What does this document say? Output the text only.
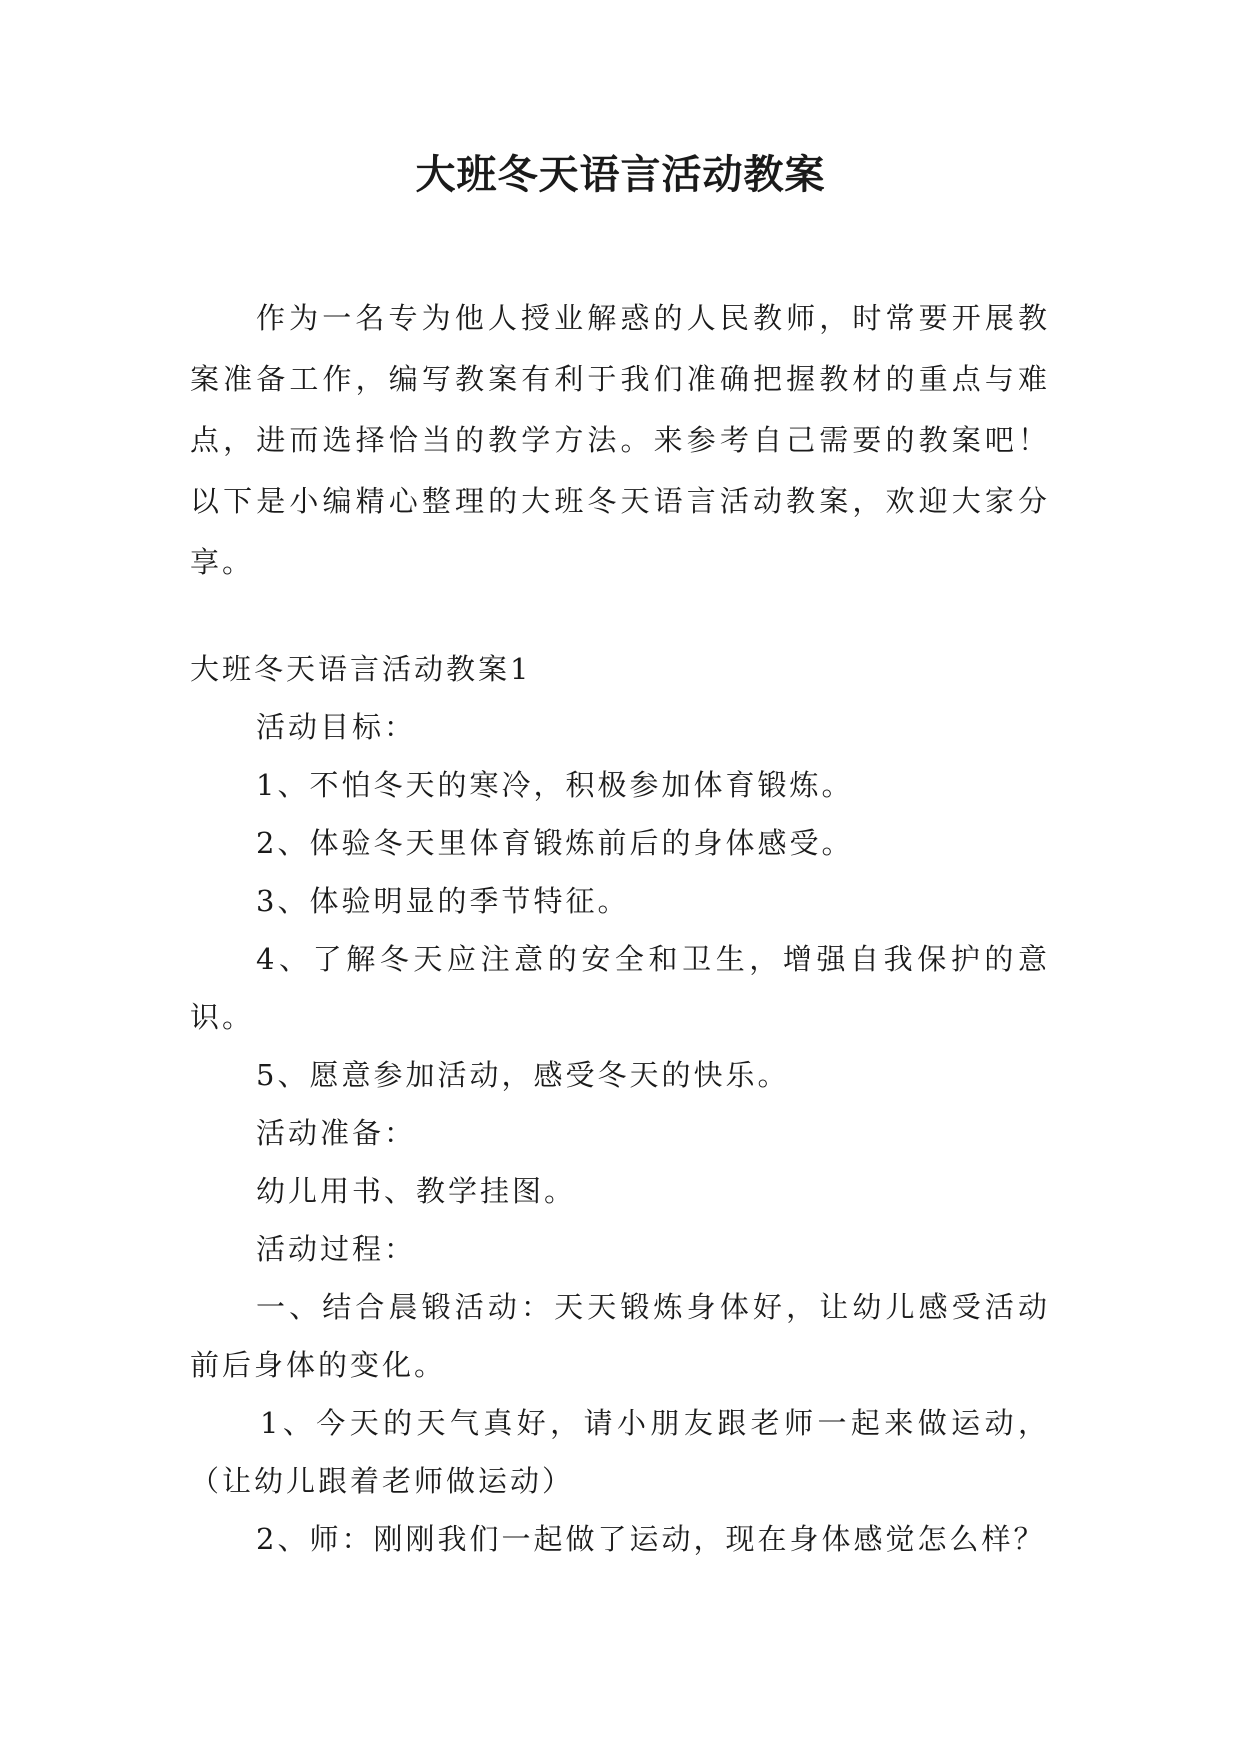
大班冬天语言活动教案
作为一名专为他人授业解惑的人民教师，时常要开展教案准备工作，编写教案有利于我们准确把握教材的重点与难点，进而选择恰当的教学方法。来参考自己需要的教案吧！以下是小编精心整理的大班冬天语言活动教案，欢迎大家分享。

大班冬天语言活动教案1

活动目标：

1、不怕冬天的寒冷，积极参加体育锻炼。

2、体验冬天里体育锻炼前后的身体感受。

3、体验明显的季节特征。

4、了解冬天应注意的安全和卫生，增强自我保护的意识。

5、愿意参加活动，感受冬天的快乐。

活动准备：

幼儿用书、教学挂图。

活动过程：

一、结合晨锻活动：天天锻炼身体好，让幼儿感受活动前后身体的变化。

1、今天的天气真好，请小朋友跟老师一起来做运动，（让幼儿跟着老师做运动）

2、师：刚刚我们一起做了运动，现在身体感觉怎么样？
